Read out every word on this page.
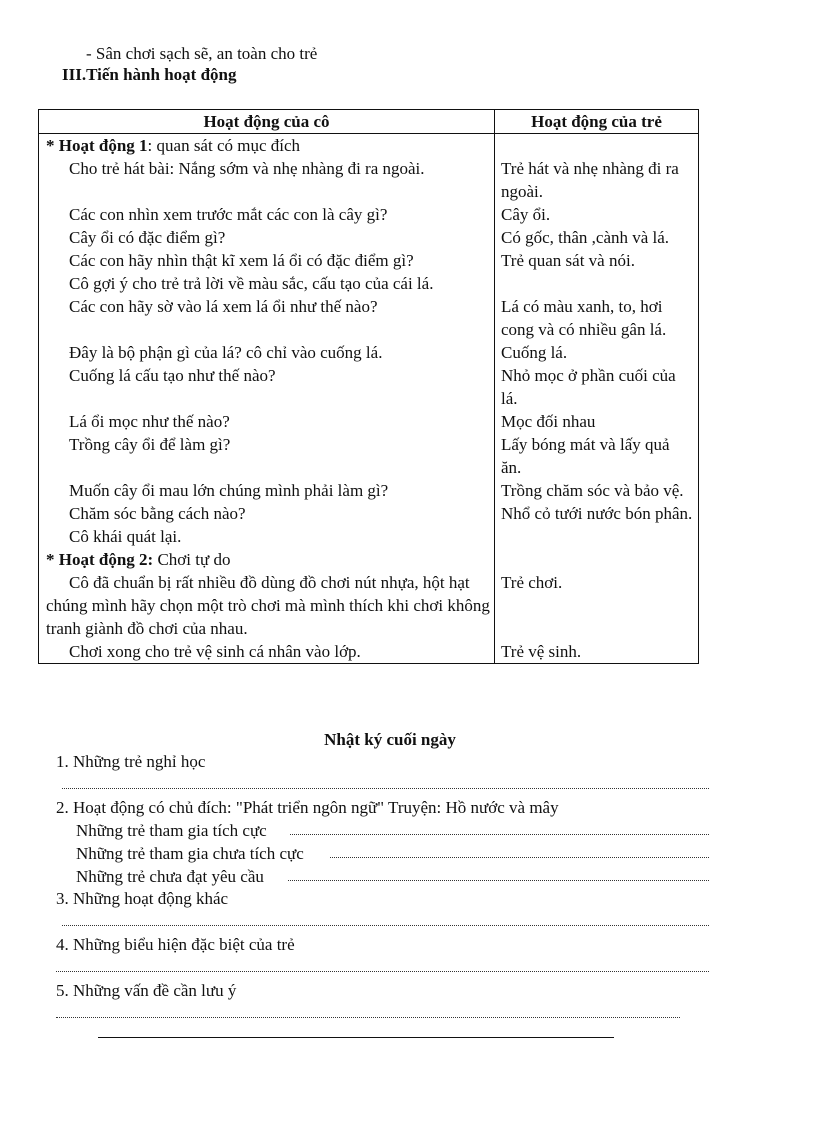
- Sân chơi sạch sẽ, an toàn cho trẻ
III.Tiến hành hoạt động
Hoạt động của cô	Hoạt động của trẻ
* Hoạt động 1: quan sát có mục đích	
Cho trẻ hát bài: Nắng sớm và nhẹ nhàng đi ra ngoài.	Trẻ hát và nhẹ nhàng đi ra ngoài.
Các con nhìn xem trước mắt các con là cây gì?	Cây ổi.
Cây ổi có đặc điểm gì?	Có gốc, thân ,cành và lá.
Các con hãy nhìn thật kĩ xem lá ổi có đặc điểm gì?	Trẻ quan sát và nói.
Cô gợi ý cho trẻ trả lời về màu sắc, cấu tạo của cái lá.	
Các con hãy sờ vào lá xem lá ổi như thế nào?	Lá có màu xanh, to, hơi cong và có nhiều gân lá.
Đây là bộ phận gì của lá? cô chỉ vào cuống lá.	Cuống lá.
Cuống lá cấu tạo như thế nào?	Nhỏ mọc ở phần cuối của lá.
Lá ổi mọc như thế nào?	Mọc đối nhau
Trồng cây ổi để làm gì?	Lấy bóng mát và lấy quả ăn.
Muốn cây ổi mau lớn chúng mình phải làm gì?	Trồng chăm sóc và bảo vệ.
Chăm sóc bằng cách nào?	Nhổ cỏ tưới nước bón phân.
Cô khái quát lại.	
* Hoạt động 2: Chơi tự do	
Cô đã chuẩn bị rất nhiều đồ dùng đồ chơi nút nhựa, hột hạt chúng mình hãy chọn một trò chơi mà mình thích khi chơi không tranh giành đồ chơi của nhau.	Trẻ chơi.
Chơi xong cho trẻ vệ sinh cá nhân vào lớp.	Trẻ vệ sinh.
Nhật ký cuối ngày
1. Những trẻ nghỉ học
2. Hoạt động có chủ đích: "Phát triển ngôn ngữ" Truyện: Hồ nước và mây
Những trẻ tham gia tích cực
Những trẻ tham gia chưa tích cực
Những trẻ chưa đạt yêu cầu
3. Những hoạt động khác
4. Những biểu hiện đặc biệt của trẻ
5. Những vấn đề cần lưu ý
